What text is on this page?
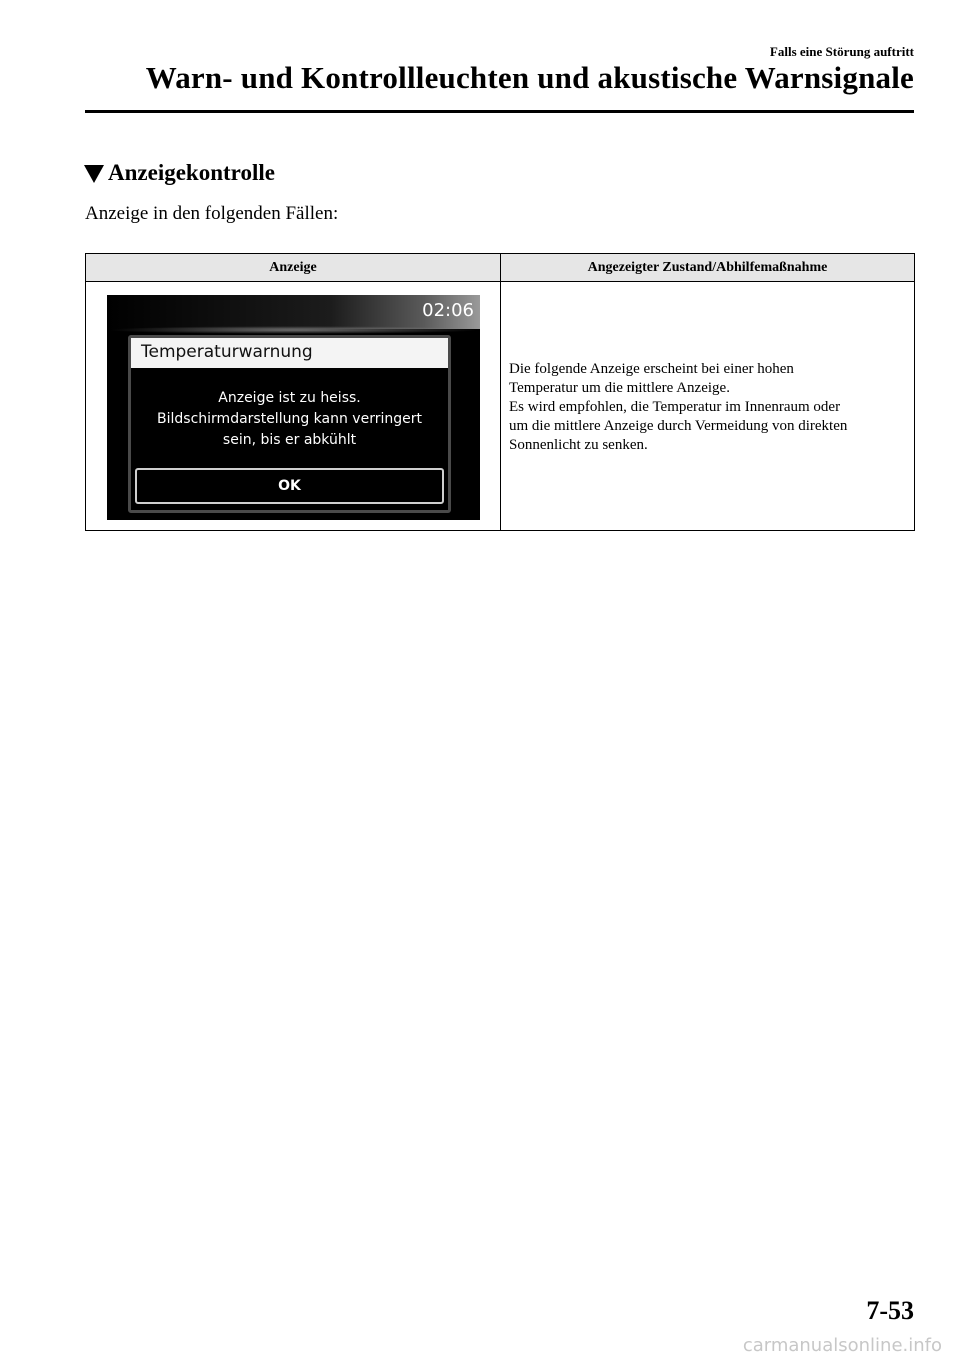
Falls eine Störung auftritt
Warn- und Kontrollleuchten und akustische Warnsignale
Anzeigekontrolle
Anzeige in den folgenden Fällen:
Anzeige	Angezeigter Zustand/Abhilfemaßnahme
02:06
Temperaturwarnung
Anzeige ist zu heiss.
Bildschirmdarstellung kann verringert
sein, bis er abkühlt
OK
Die folgende Anzeige erscheint bei einer hohen
Temperatur um die mittlere Anzeige.
Es wird empfohlen, die Temperatur im Innenraum oder
um die mittlere Anzeige durch Vermeidung von direkten
Sonnenlicht zu senken.
7-53
carmanualsonline.info
